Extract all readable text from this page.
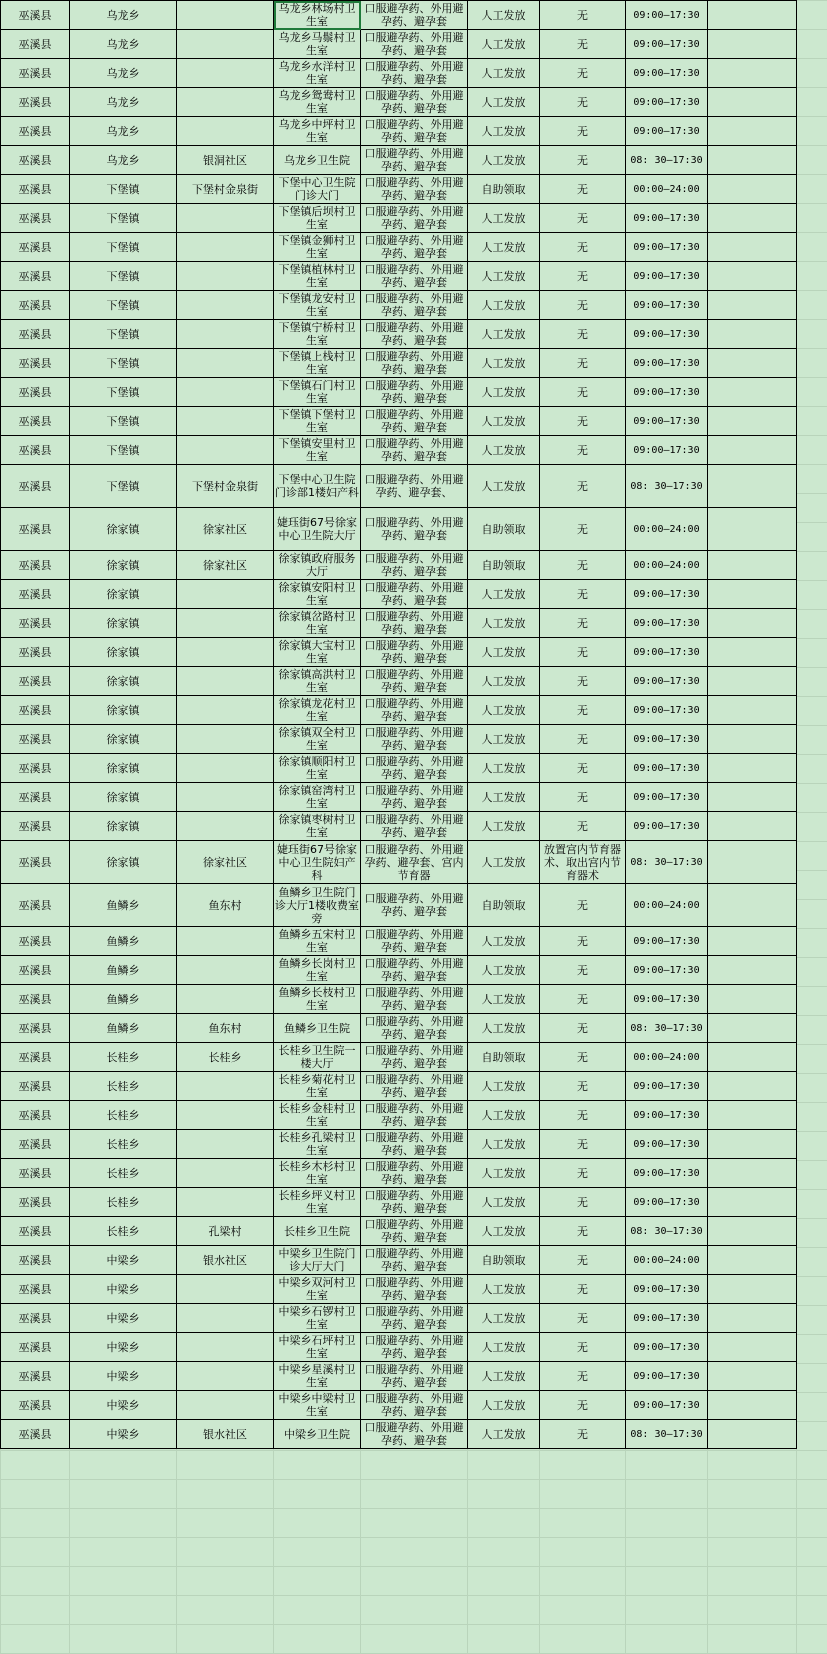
巫溪县	乌龙乡		乌龙乡林场村卫生室	口服避孕药、外用避孕药、避孕套	人工发放	无	09:00—17:30	
巫溪县	乌龙乡		乌龙乡马鬃村卫生室	口服避孕药、外用避孕药、避孕套	人工发放	无	09:00—17:30	
巫溪县	乌龙乡		乌龙乡水洋村卫生室	口服避孕药、外用避孕药、避孕套	人工发放	无	09:00—17:30	
巫溪县	乌龙乡		乌龙乡鸳鸯村卫生室	口服避孕药、外用避孕药、避孕套	人工发放	无	09:00—17:30	
巫溪县	乌龙乡		乌龙乡中坪村卫生室	口服避孕药、外用避孕药、避孕套	人工发放	无	09:00—17:30	
巫溪县	乌龙乡	银洞社区	乌龙乡卫生院	口服避孕药、外用避孕药、避孕套	人工发放	无	08: 30—17:30	
巫溪县	下堡镇	下堡村金泉街	下堡中心卫生院门诊大门	口服避孕药、外用避孕药、避孕套	自助领取	无	00:00—24:00	
巫溪县	下堡镇		下堡镇后坝村卫生室	口服避孕药、外用避孕药、避孕套	人工发放	无	09:00—17:30	
巫溪县	下堡镇		下堡镇金狮村卫生室	口服避孕药、外用避孕药、避孕套	人工发放	无	09:00—17:30	
巫溪县	下堡镇		下堡镇植林村卫生室	口服避孕药、外用避孕药、避孕套	人工发放	无	09:00—17:30	
巫溪县	下堡镇		下堡镇龙安村卫生室	口服避孕药、外用避孕药、避孕套	人工发放	无	09:00—17:30	
巫溪县	下堡镇		下堡镇宁桥村卫生室	口服避孕药、外用避孕药、避孕套	人工发放	无	09:00—17:30	
巫溪县	下堡镇		下堡镇上栈村卫生室	口服避孕药、外用避孕药、避孕套	人工发放	无	09:00—17:30	
巫溪县	下堡镇		下堡镇石门村卫生室	口服避孕药、外用避孕药、避孕套	人工发放	无	09:00—17:30	
巫溪县	下堡镇		下堡镇下堡村卫生室	口服避孕药、外用避孕药、避孕套	人工发放	无	09:00—17:30	
巫溪县	下堡镇		下堡镇安里村卫生室	口服避孕药、外用避孕药、避孕套	人工发放	无	09:00—17:30	
巫溪县	下堡镇	下堡村金泉街	下堡中心卫生院门诊部1楼妇产科	口服避孕药、外用避孕药、避孕套、	人工发放	无	08: 30—17:30	
巫溪县	徐家镇	徐家社区	婕珏街67号徐家中心卫生院大厅	口服避孕药、外用避孕药、避孕套	自助领取	无	00:00—24:00	
巫溪县	徐家镇	徐家社区	徐家镇政府服务大厅	口服避孕药、外用避孕药、避孕套	自助领取	无	00:00—24:00	
巫溪县	徐家镇		徐家镇安阳村卫生室	口服避孕药、外用避孕药、避孕套	人工发放	无	09:00—17:30	
巫溪县	徐家镇		徐家镇岔路村卫生室	口服避孕药、外用避孕药、避孕套	人工发放	无	09:00—17:30	
巫溪县	徐家镇		徐家镇大宝村卫生室	口服避孕药、外用避孕药、避孕套	人工发放	无	09:00—17:30	
巫溪县	徐家镇		徐家镇高洪村卫生室	口服避孕药、外用避孕药、避孕套	人工发放	无	09:00—17:30	
巫溪县	徐家镇		徐家镇龙花村卫生室	口服避孕药、外用避孕药、避孕套	人工发放	无	09:00—17:30	
巫溪县	徐家镇		徐家镇双全村卫生室	口服避孕药、外用避孕药、避孕套	人工发放	无	09:00—17:30	
巫溪县	徐家镇		徐家镇顺阳村卫生室	口服避孕药、外用避孕药、避孕套	人工发放	无	09:00—17:30	
巫溪县	徐家镇		徐家镇窑湾村卫生室	口服避孕药、外用避孕药、避孕套	人工发放	无	09:00—17:30	
巫溪县	徐家镇		徐家镇枣树村卫生室	口服避孕药、外用避孕药、避孕套	人工发放	无	09:00—17:30	
巫溪县	徐家镇	徐家社区	婕珏街67号徐家中心卫生院妇产科	口服避孕药、外用避孕药、避孕套、宫内节育器	人工发放	放置宫内节育器术、取出宫内节育器术	08: 30—17:30	
巫溪县	鱼鳞乡	鱼东村	鱼鳞乡卫生院门诊大厅1楼收费室旁	口服避孕药、外用避孕药、避孕套	自助领取	无	00:00—24:00	
巫溪县	鱼鳞乡		鱼鳞乡五宋村卫生室	口服避孕药、外用避孕药、避孕套	人工发放	无	09:00—17:30	
巫溪县	鱼鳞乡		鱼鳞乡长岗村卫生室	口服避孕药、外用避孕药、避孕套	人工发放	无	09:00—17:30	
巫溪县	鱼鳞乡		鱼鳞乡长枝村卫生室	口服避孕药、外用避孕药、避孕套	人工发放	无	09:00—17:30	
巫溪县	鱼鳞乡	鱼东村	鱼鳞乡卫生院	口服避孕药、外用避孕药、避孕套	人工发放	无	08: 30—17:30	
巫溪县	长桂乡	长桂乡	长桂乡卫生院一楼大厅	口服避孕药、外用避孕药、避孕套	自助领取	无	00:00—24:00	
巫溪县	长桂乡		长桂乡菊花村卫生室	口服避孕药、外用避孕药、避孕套	人工发放	无	09:00—17:30	
巫溪县	长桂乡		长桂乡金桂村卫生室	口服避孕药、外用避孕药、避孕套	人工发放	无	09:00—17:30	
巫溪县	长桂乡		长桂乡孔梁村卫生室	口服避孕药、外用避孕药、避孕套	人工发放	无	09:00—17:30	
巫溪县	长桂乡		长桂乡木杉村卫生室	口服避孕药、外用避孕药、避孕套	人工发放	无	09:00—17:30	
巫溪县	长桂乡		长桂乡坪义村卫生室	口服避孕药、外用避孕药、避孕套	人工发放	无	09:00—17:30	
巫溪县	长桂乡	孔梁村	长桂乡卫生院	口服避孕药、外用避孕药、避孕套	人工发放	无	08: 30—17:30	
巫溪县	中梁乡	银水社区	中梁乡卫生院门诊大厅大门	口服避孕药、外用避孕药、避孕套	自助领取	无	00:00—24:00	
巫溪县	中梁乡		中梁乡双河村卫生室	口服避孕药、外用避孕药、避孕套	人工发放	无	09:00—17:30	
巫溪县	中梁乡		中梁乡石锣村卫生室	口服避孕药、外用避孕药、避孕套	人工发放	无	09:00—17:30	
巫溪县	中梁乡		中梁乡石坪村卫生室	口服避孕药、外用避孕药、避孕套	人工发放	无	09:00—17:30	
巫溪县	中梁乡		中梁乡星溪村卫生室	口服避孕药、外用避孕药、避孕套	人工发放	无	09:00—17:30	
巫溪县	中梁乡		中梁乡中梁村卫生室	口服避孕药、外用避孕药、避孕套	人工发放	无	09:00—17:30	
巫溪县	中梁乡	银水社区	中梁乡卫生院	口服避孕药、外用避孕药、避孕套	人工发放	无	08: 30—17:30	
